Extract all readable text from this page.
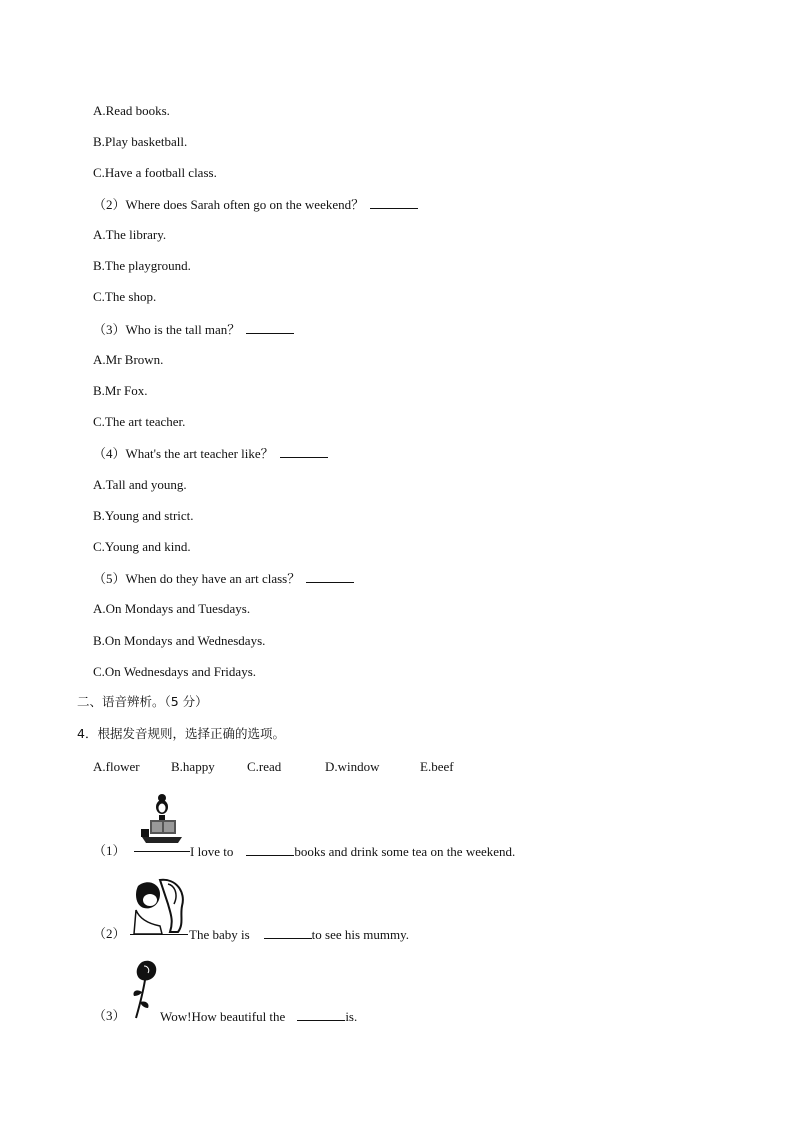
A.Read books.
B.Play basketball.
C.Have a football class.
（2）Where does Sarah often go on the weekend？
A.The library.
B.The playground.
C.The shop.
（3）Who is the tall man？
A.Mr Brown.
B.Mr Fox.
C.The art teacher.
（4）What's the art teacher like？
A.Tall and young.
B.Young and strict.
C.Young and kind.
（5）When do they have an art class？
A.On Mondays and Tuesdays.
B.On Mondays and Wednesdays.
C.On Wednesdays and Fridays.
二、语音辨析。（5 分）
4．根据发音规则，选择正确的选项。
A.flower B.happy C.read	D.window	E.beef
（1）	I love to	books and drink some tea on the weekend.
（2）	The baby is	to see his mummy.
（3）	Wow!How beautiful the	is.
